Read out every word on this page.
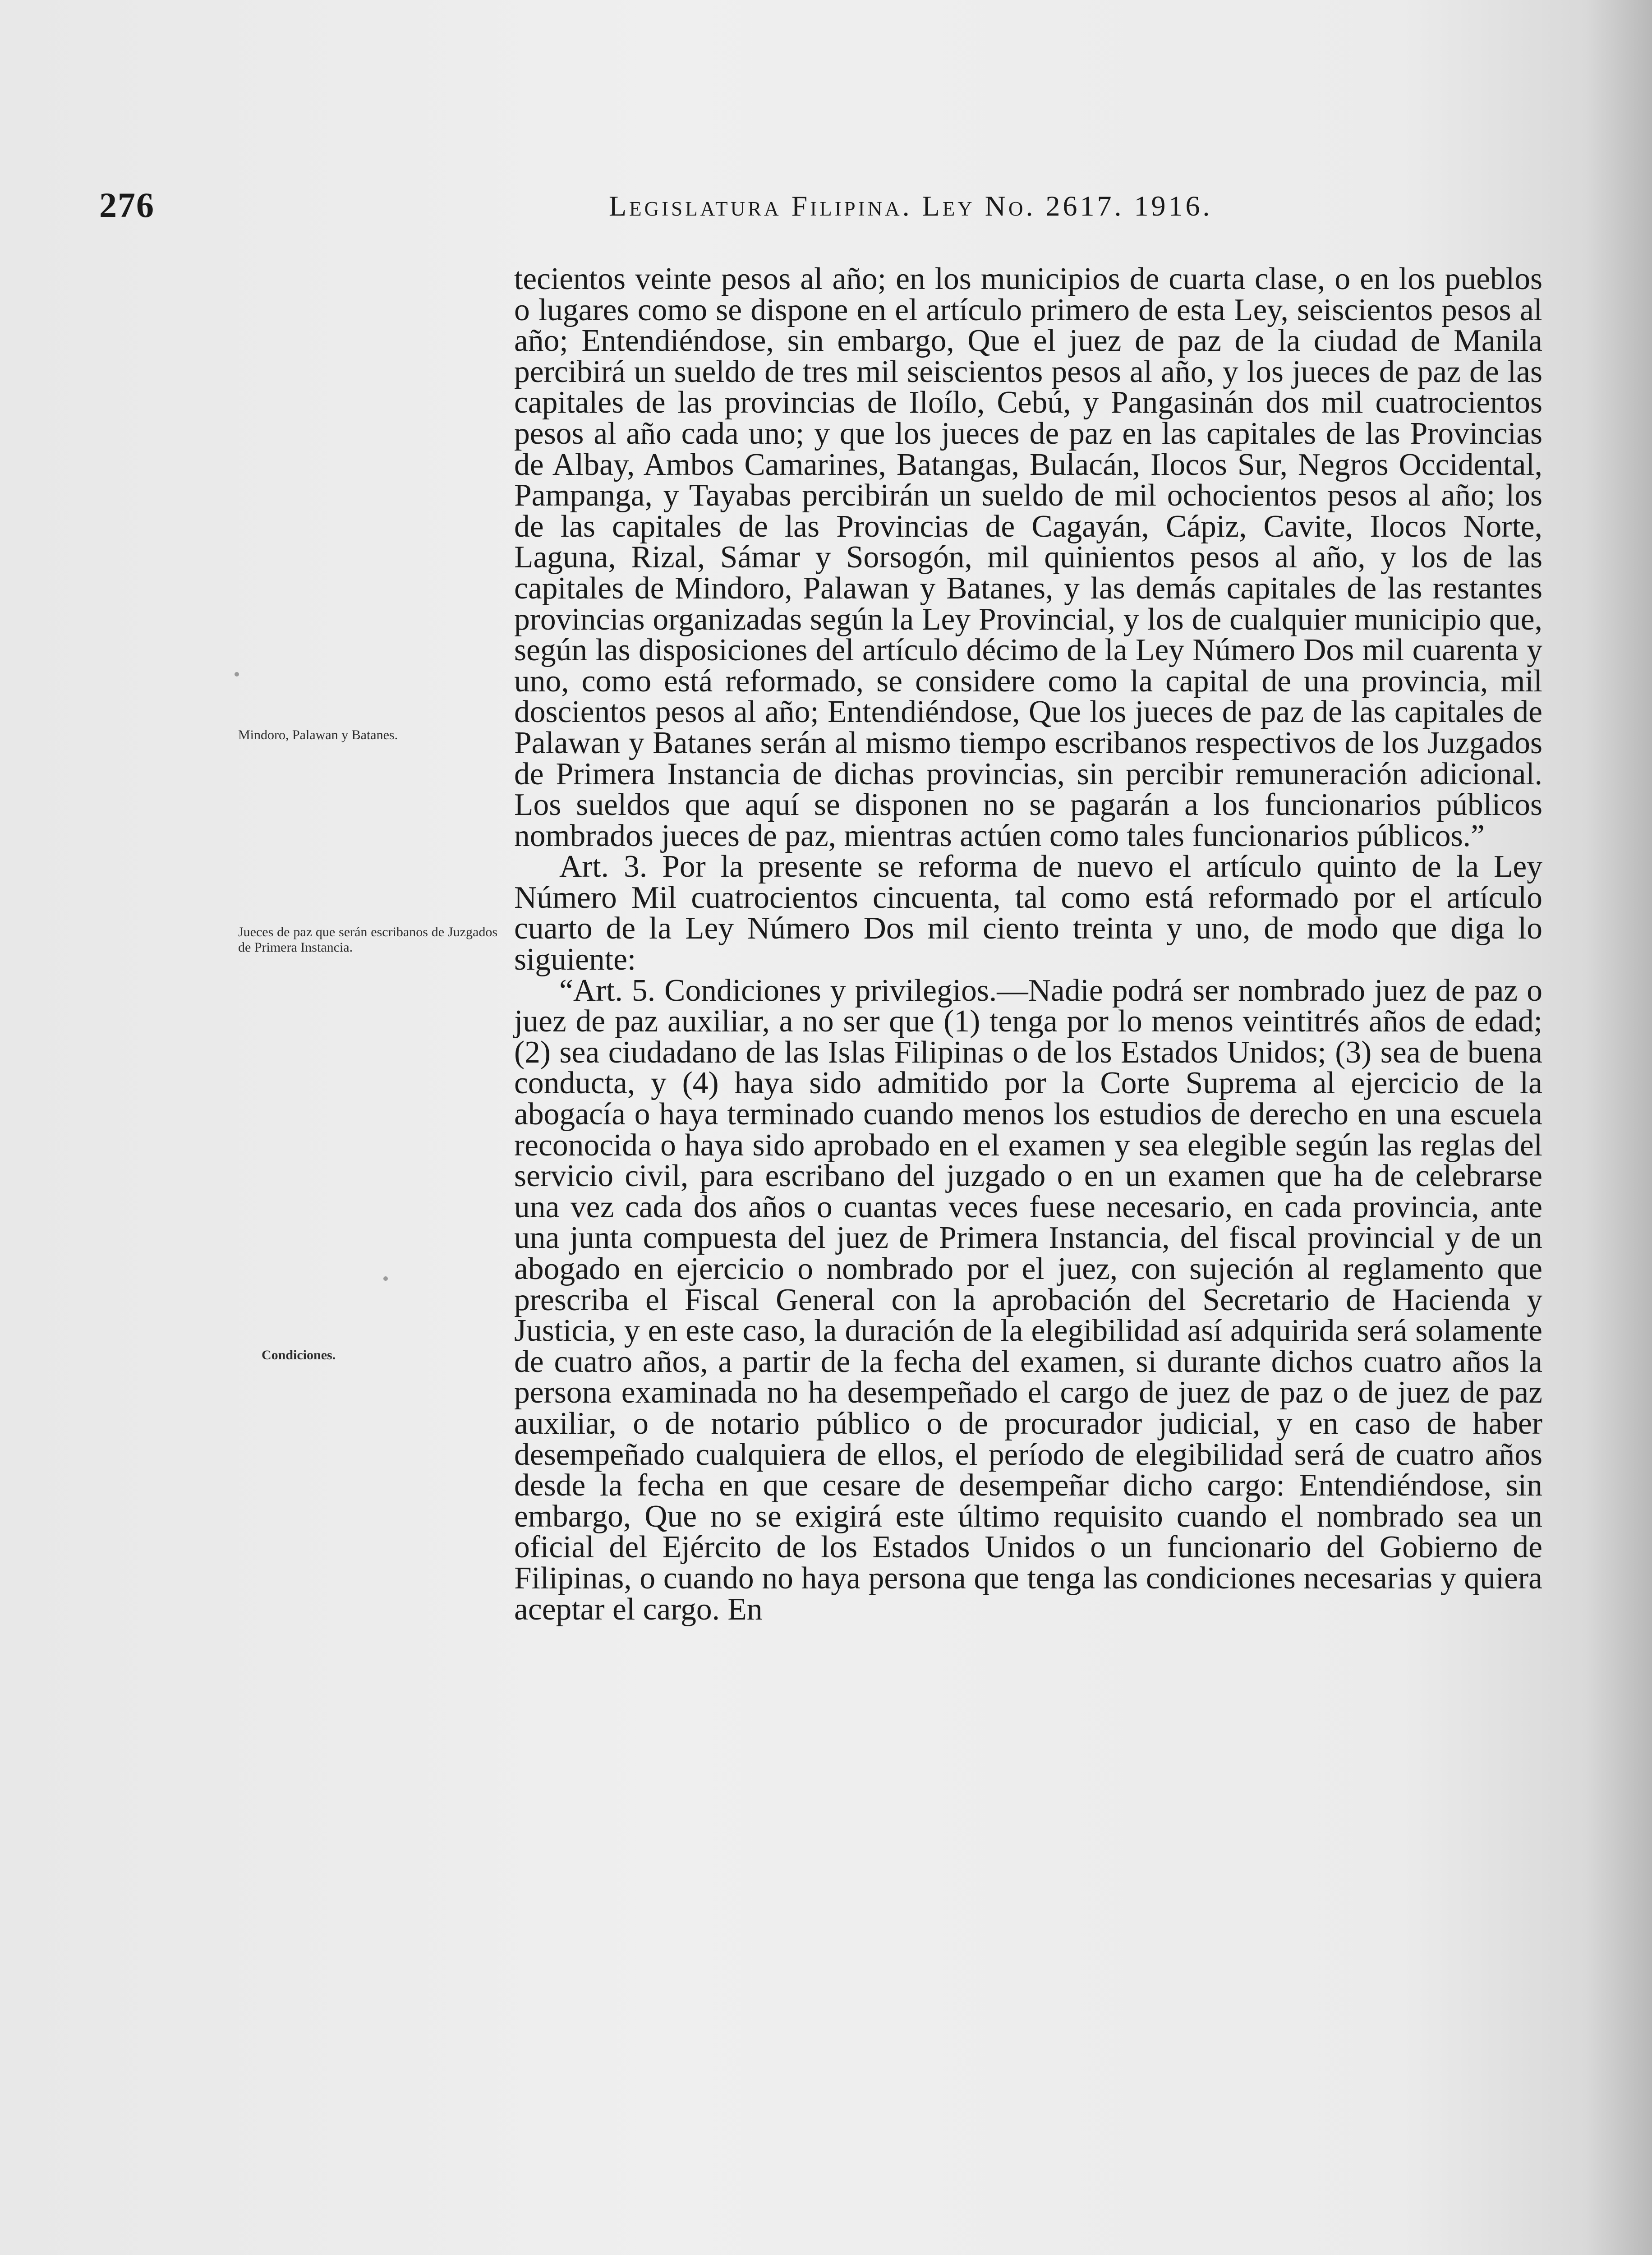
276	Legislatura Filipina. Ley No. 2617. 1916.
Mindoro, Palawan y Batanes.
Jueces de paz que serán escribanos de Juzgados de Primera Instancia.
Condiciones.

tecientos veinte pesos al año; en los municipios de cuarta clase, o en los pueblos o lugares como se dispone en el artículo primero de esta Ley, seiscientos pesos al año; Entendiéndose, sin embargo, Que el juez de paz de la ciudad de Manila percibirá un sueldo de tres mil seiscientos pesos al año, y los jueces de paz de las capitales de las provincias de Iloílo, Cebú, y Pangasinán dos mil cuatrocientos pesos al año cada uno; y que los jueces de paz en las capitales de las Provincias de Albay, Ambos Camarines, Batangas, Bulacán, Ilocos Sur, Negros Occidental, Pampanga, y Tayabas percibirán un sueldo de mil ochocientos pesos al año; los de las capitales de las Provincias de Cagayán, Cápiz, Cavite, Ilocos Norte, Laguna, Rizal, Sámar y Sorsogón, mil quinientos pesos al año, y los de las capitales de Mindoro, Palawan y Batanes, y las demás capitales de las restantes provincias organizadas según la Ley Provincial, y los de cualquier municipio que, según las disposiciones del artículo décimo de la Ley Número Dos mil cuarenta y uno, como está reformado, se considere como la capital de una provincia, mil doscientos pesos al año; Entendiéndose, Que los jueces de paz de las capitales de Palawan y Batanes serán al mismo tiempo escribanos respectivos de los Juzgados de Primera Instancia de dichas provincias, sin percibir remuneración adicional. Los sueldos que aquí se disponen no se pagarán a los funcionarios públicos nombrados jueces de paz, mientras actúen como tales funcionarios públicos.”

Art. 3. Por la presente se reforma de nuevo el artículo quinto de la Ley Número Mil cuatrocientos cincuenta, tal como está reformado por el artículo cuarto de la Ley Número Dos mil ciento treinta y uno, de modo que diga lo siguiente:

“Art. 5. Condiciones y privilegios.—Nadie podrá ser nombrado juez de paz o juez de paz auxiliar, a no ser que (1) tenga por lo menos veintitrés años de edad; (2) sea ciudadano de las Islas Filipinas o de los Estados Unidos; (3) sea de buena conducta, y (4) haya sido admitido por la Corte Suprema al ejercicio de la abogacía o haya terminado cuando menos los estudios de derecho en una escuela reconocida o haya sido aprobado en el examen y sea elegible según las reglas del servicio civil, para escribano del juzgado o en un examen que ha de celebrarse una vez cada dos años o cuantas veces fuese necesario, en cada provincia, ante una junta compuesta del juez de Primera Instancia, del fiscal provincial y de un abogado en ejercicio o nombrado por el juez, con sujeción al reglamento que prescriba el Fiscal General con la aprobación del Secretario de Hacienda y Justicia, y en este caso, la duración de la elegibilidad así adquirida será solamente de cuatro años, a partir de la fecha del examen, si durante dichos cuatro años la persona examinada no ha desempeñado el cargo de juez de paz o de juez de paz auxiliar, o de notario público o de procurador judicial, y en caso de haber desempeñado cualquiera de ellos, el período de elegibilidad será de cuatro años desde la fecha en que cesare de desempeñar dicho cargo: Entendiéndose, sin embargo, Que no se exigirá este último requisito cuando el nombrado sea un oficial del Ejército de los Estados Unidos o un funcionario del Gobierno de Filipinas, o cuando no haya persona que tenga las condiciones necesarias y quiera aceptar el cargo. En
